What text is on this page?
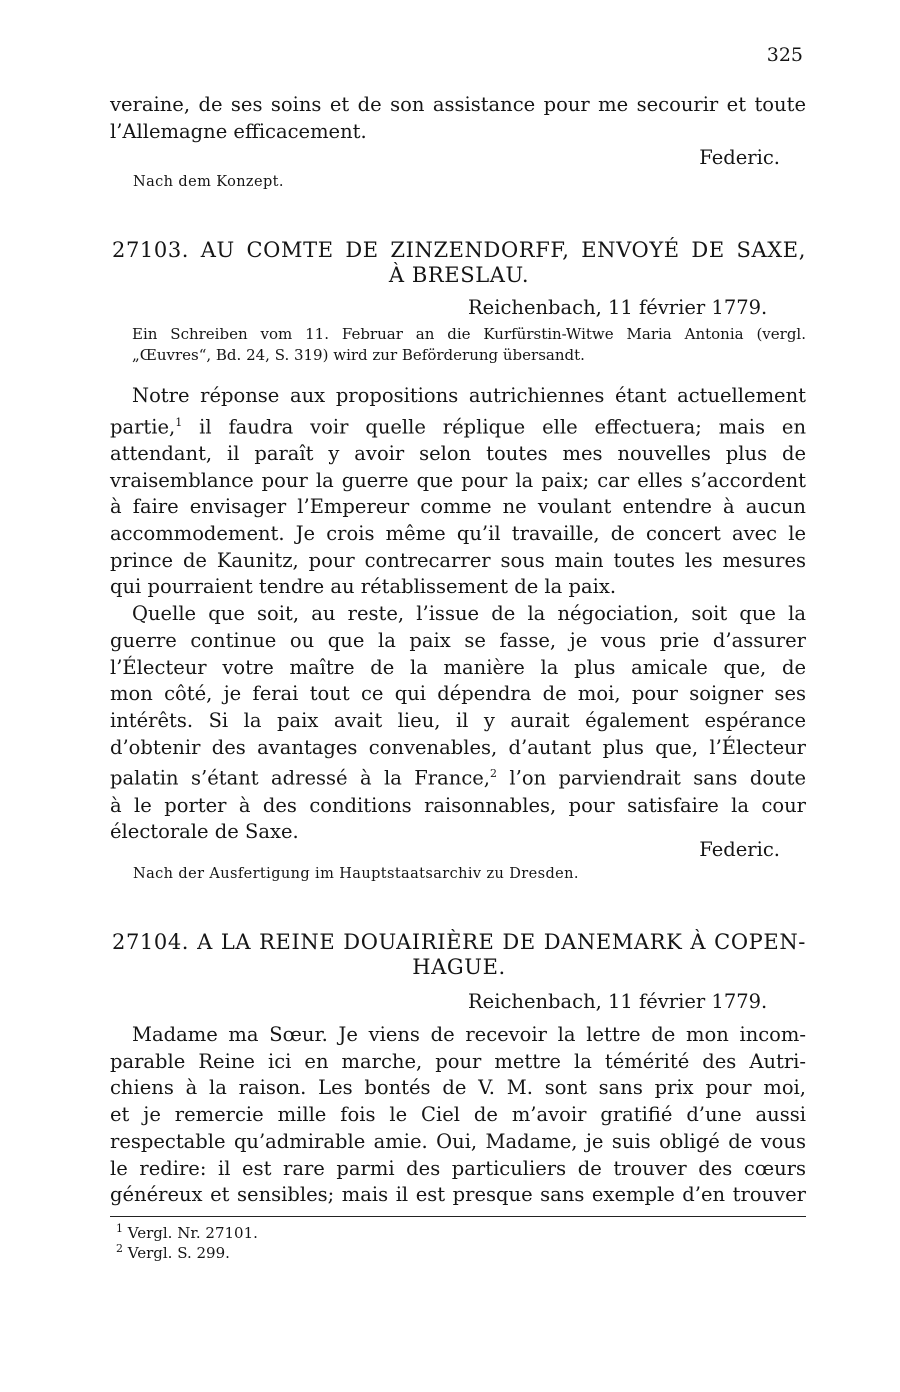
325
veraine, de ses soins et de son assistance pour me secourir et toute
l’Allemagne efficacement.
Federic.
Nach dem Konzept.
27103. AU COMTE DE ZINZENDORFF, ENVOYÉ DE SAXE,
À BRESLAU.
Reichenbach, 11 février 1779.
Ein Schreiben vom 11. Februar an die Kurfürstin-Witwe Maria Antonia (vergl.
„Œuvres“, Bd. 24, S. 319) wird zur Beförderung übersandt.
Notre réponse aux propositions autrichiennes étant actuellement
partie,$^1$ il faudra voir quelle réplique elle effectuera; mais en
attendant, il paraît y avoir selon toutes mes nouvelles plus de
vraisemblance pour la guerre que pour la paix; car elles s’accordent
à faire envisager l’Empereur comme ne voulant entendre à aucun
accommodement. Je crois même qu’il travaille, de concert avec le
prince de Kaunitz, pour contrecarrer sous main toutes les mesures
qui pourraient tendre au rétablissement de la paix.
Quelle que soit, au reste, l’issue de la négociation, soit que la
guerre continue ou que la paix se fasse, je vous prie d’assurer
l’Électeur votre maître de la manière la plus amicale que, de
mon côté, je ferai tout ce qui dépendra de moi, pour soigner ses
intérêts. Si la paix avait lieu, il y aurait également espérance
d’obtenir des avantages convenables, d’autant plus que, l’Électeur
palatin s’étant adressé à la France,$^2$ l’on parviendrait sans doute
à le porter à des conditions raisonnables, pour satisfaire la cour
électorale de Saxe.
Federic.
Nach der Ausfertigung im Hauptstaatsarchiv zu Dresden.
27104. A LA REINE DOUAIRIÈRE DE DANEMARK À COPEN-
HAGUE.
Reichenbach, 11 février 1779.
Madame ma Sœur. Je viens de recevoir la lettre de mon incom-
parable Reine ici en marche, pour mettre la témérité des Autri-
chiens à la raison. Les bontés de V. M. sont sans prix pour moi,
et je remercie mille fois le Ciel de m’avoir gratifié d’une aussi
respectable qu’admirable amie. Oui, Madame, je suis obligé de vous
le redire: il est rare parmi des particuliers de trouver des cœurs
généreux et sensibles; mais il est presque sans exemple d’en trouver
$^1$ Vergl. Nr. 27101.
$^2$ Vergl. S. 299.
